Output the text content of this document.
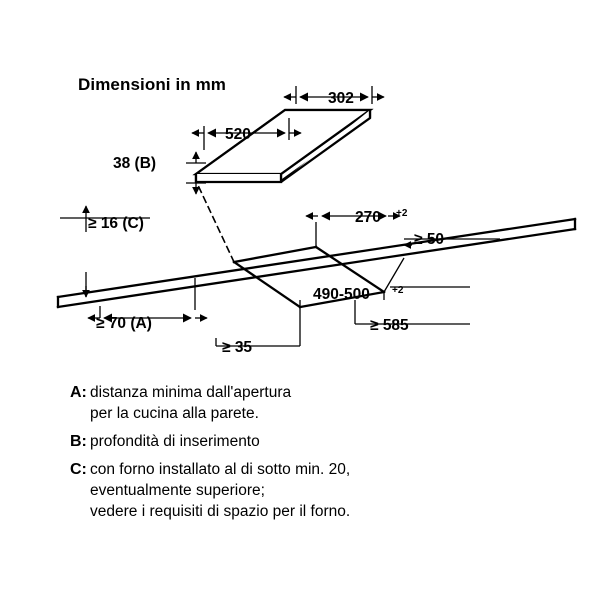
Dimensioni in mm
302
520
38 (B)
≥ 16 (C)	270 +2
≥ 50
490-500 +2
≥ 70 (A)
≥ 35
≥ 585
A: distanza minima dall'apertura
per la cucina alla parete.
B: profondità di inserimento
C: con forno installato al di sotto min. 20,
eventualmente superiore;
vedere i requisiti di spazio per il forno.
